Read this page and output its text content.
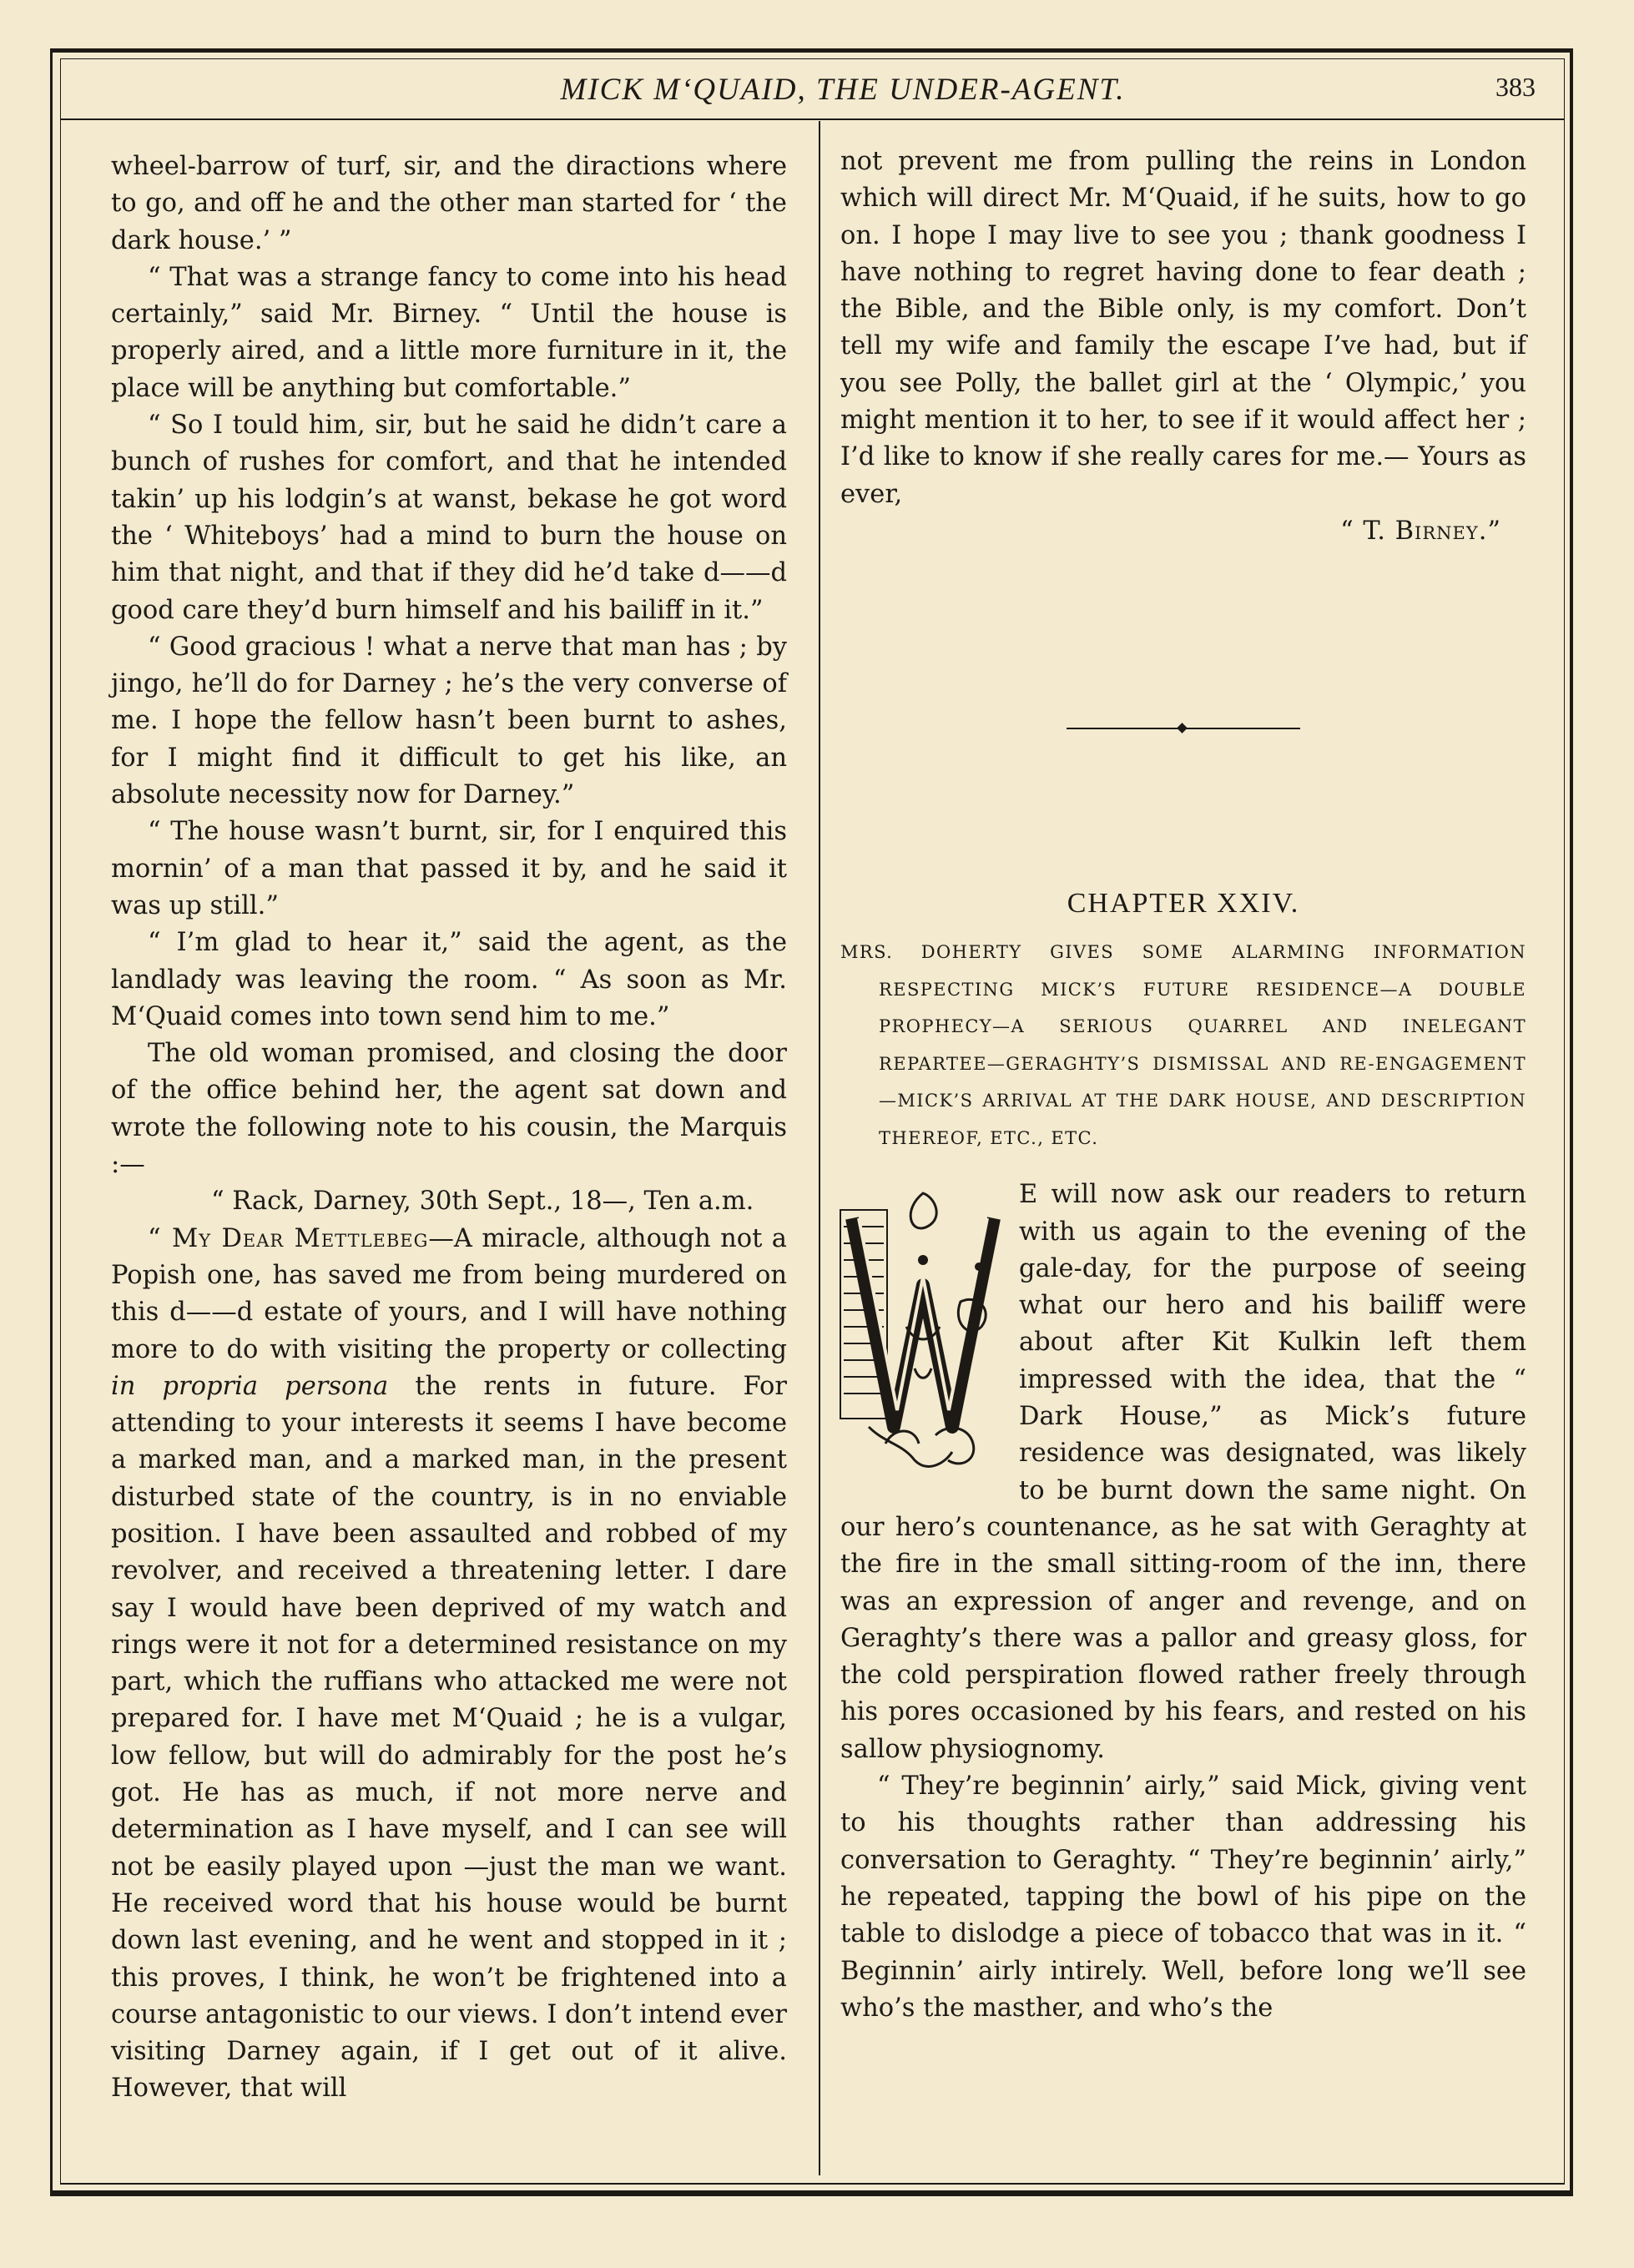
MICK M‘QUAID, THE UNDER-AGENT.	383

wheel-barrow of turf, sir, and the diractions where to go, and off he and the other man started for ‘ the dark house.’ ”

“ That was a strange fancy to come into his head certainly,” said Mr. Birney. “ Until the house is properly aired, and a little more furniture in it, the place will be anything but comfortable.”

“ So I tould him, sir, but he said he didn’t care a bunch of rushes for comfort, and that he intended takin’ up his lodgin’s at wanst, bekase he got word the ‘ Whiteboys’ had a mind to burn the house on him that night, and that if they did he’d take d——d good care they’d burn himself and his bailiff in it.”

“ Good gracious ! what a nerve that man has ; by jingo, he’ll do for Darney ; he’s the very converse of me. I hope the fellow hasn’t been burnt to ashes, for I might find it difficult to get his like, an absolute necessity now for Darney.”

“ The house wasn’t burnt, sir, for I enquired this mornin’ of a man that passed it by, and he said it was up still.”

“ I’m glad to hear it,” said the agent, as the landlady was leaving the room. “ As soon as Mr. M‘Quaid comes into town send him to me.”

The old woman promised, and closing the door of the office behind her, the agent sat down and wrote the following note to his cousin, the Marquis :—

“ Rack, Darney, 30th Sept., 18—, Ten a.m.

“ My Dear Mettlebeg—A miracle, although not a Popish one, has saved me from being murdered on this d——d estate of yours, and I will have nothing more to do with visiting the property or collecting in propria persona the rents in future. For attending to your interests it seems I have become a marked man, and a marked man, in the present disturbed state of the country, is in no enviable position. I have been assaulted and robbed of my revolver, and received a threatening letter. I dare say I would have been deprived of my watch and rings were it not for a determined resistance on my part, which the ruffians who attacked me were not prepared for. I have met M‘Quaid ; he is a vulgar, low fellow, but will do admirably for the post he’s got. He has as much, if not more nerve and determination as I have myself, and I can see will not be easily played upon —just the man we want. He received word that his house would be burnt down last evening, and he went and stopped in it ; this proves, I think, he won’t be frightened into a course antagonistic to our views. I don’t intend ever visiting Darney again, if I get out of it alive. However, that will

not prevent me from pulling the reins in London which will direct Mr. M‘Quaid, if he suits, how to go on. I hope I may live to see you ; thank goodness I have nothing to regret having done to fear death ; the Bible, and the Bible only, is my comfort. Don’t tell my wife and family the escape I’ve had, but if you see Polly, the ballet girl at the ‘ Olympic,’ you might mention it to her, to see if it would affect her ; I’d like to know if she really cares for me.— Yours as ever,

“ T. Birney.”

CHAPTER XXIV.
MRS. DOHERTY GIVES SOME ALARMING INFORMATION RESPECTING MICK’S FUTURE RESIDENCE—A DOUBLE PROPHECY—A SERIOUS QUARREL AND INELEGANT REPARTEE—GERAGHTY’S DISMISSAL AND RE-ENGAGEMENT—MICK’S ARRIVAL AT THE DARK HOUSE, AND DESCRIPTION THEREOF, ETC., ETC.

E will now ask our readers to return with us again to the evening of the gale-day, for the purpose of seeing what our hero and his bailiff were about after Kit Kulkin left them impressed with the idea, that the “ Dark House,” as Mick’s future residence was designated, was likely to be burnt down the same night. On our hero’s countenance, as he sat with Geraghty at the fire in the small sitting-room of the inn, there was an expression of anger and revenge, and on Geraghty’s there was a pallor and greasy gloss, for the cold perspiration flowed rather freely through his pores occasioned by his fears, and rested on his sallow physiognomy.

“ They’re beginnin’ airly,” said Mick, giving vent to his thoughts rather than addressing his conversation to Geraghty. “ They’re beginnin’ airly,” he repeated, tapping the bowl of his pipe on the table to dislodge a piece of tobacco that was in it. “ Beginnin’ airly intirely. Well, before long we’ll see who’s the masther, and who’s the
